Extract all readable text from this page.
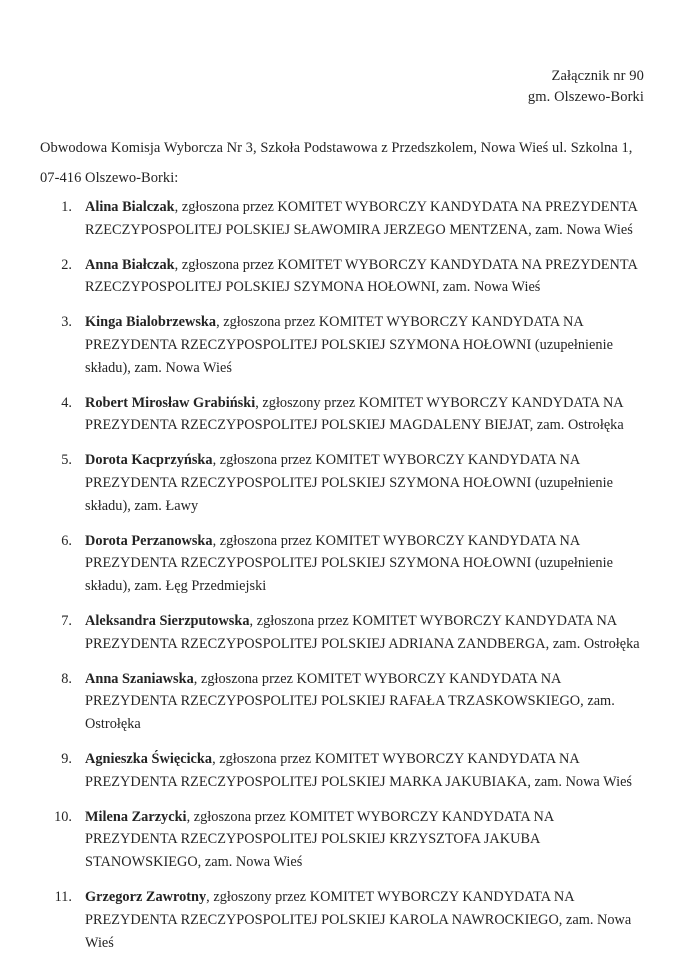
Załącznik nr 90
gm. Olszewo-Borki

Obwodowa Komisja Wyborcza Nr 3, Szkoła Podstawowa z Przedszkolem, Nowa Wieś ul. Szkolna 1, 07-416 Olszewo-Borki:

1. Alina Bialczak, zgłoszona przez KOMITET WYBORCZY KANDYDATA NA PREZYDENTA RZECZYPOSPOLITEJ POLSKIEJ SŁAWOMIRA JERZEGO MENTZENA, zam. Nowa Wieś
2. Anna Białczak, zgłoszona przez KOMITET WYBORCZY KANDYDATA NA PREZYDENTA RZECZYPOSPOLITEJ POLSKIEJ SZYMONA HOŁOWNI, zam. Nowa Wieś
3. Kinga Bialobrzewska, zgłoszona przez KOMITET WYBORCZY KANDYDATA NA PREZYDENTA RZECZYPOSPOLITEJ POLSKIEJ SZYMONA HOŁOWNI (uzupełnienie składu), zam. Nowa Wieś
4. Robert Mirosław Grabiński, zgłoszony przez KOMITET WYBORCZY KANDYDATA NA PREZYDENTA RZECZYPOSPOLITEJ POLSKIEJ MAGDALENY BIEJAT, zam. Ostrołęka
5. Dorota Kacprzyńska, zgłoszona przez KOMITET WYBORCZY KANDYDATA NA PREZYDENTA RZECZYPOSPOLITEJ POLSKIEJ SZYMONA HOŁOWNI (uzupełnienie składu), zam. Ławy
6. Dorota Perzanowska, zgłoszona przez KOMITET WYBORCZY KANDYDATA NA PREZYDENTA RZECZYPOSPOLITEJ POLSKIEJ SZYMONA HOŁOWNI (uzupełnienie składu), zam. Łęg Przedmiejski
7. Aleksandra Sierzputowska, zgłoszona przez KOMITET WYBORCZY KANDYDATA NA PREZYDENTA RZECZYPOSPOLITEJ POLSKIEJ ADRIANA ZANDBERGA, zam. Ostrołęka
8. Anna Szaniawska, zgłoszona przez KOMITET WYBORCZY KANDYDATA NA PREZYDENTA RZECZYPOSPOLITEJ POLSKIEJ RAFAŁA TRZASKOWSKIEGO, zam. Ostrołęka
9. Agnieszka Święcicka, zgłoszona przez KOMITET WYBORCZY KANDYDATA NA PREZYDENTA RZECZYPOSPOLITEJ POLSKIEJ MARKA JAKUBIAKA, zam. Nowa Wieś
10. Milena Zarzycki, zgłoszona przez KOMITET WYBORCZY KANDYDATA NA PREZYDENTA RZECZYPOSPOLITEJ POLSKIEJ KRZYSZTOFA JAKUBA STANOWSKIEGO, zam. Nowa Wieś
11. Grzegorz Zawrotny, zgłoszony przez KOMITET WYBORCZY KANDYDATA NA PREZYDENTA RZECZYPOSPOLITEJ POLSKIEJ KAROLA NAWROCKIEGO, zam. Nowa Wieś
